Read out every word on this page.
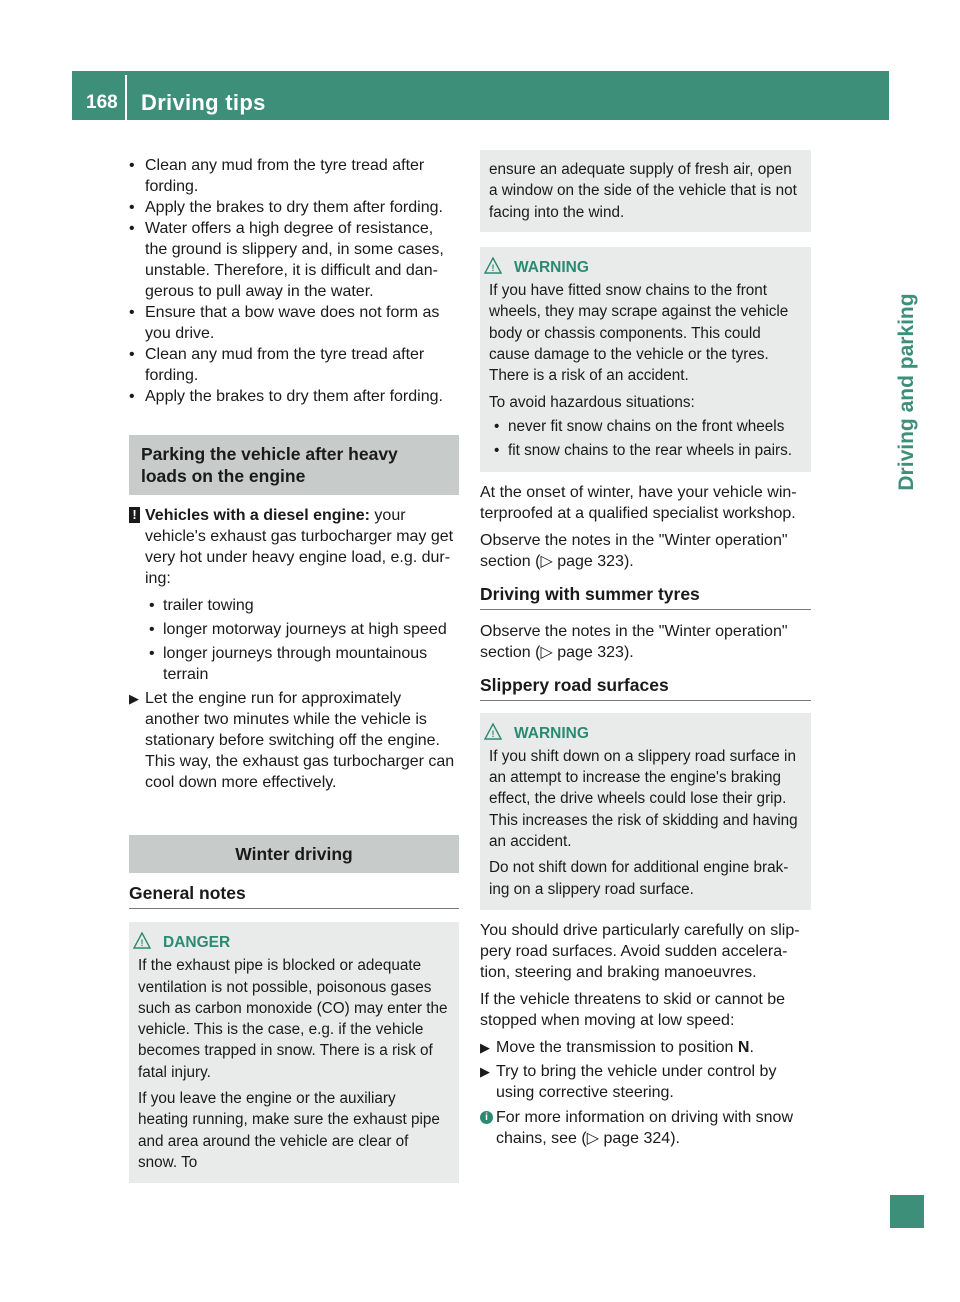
168 Driving tips
Driving and parking
• Clean any mud from the tyre tread after fording.
• Apply the brakes to dry them after fording.
• Water offers a high degree of resistance, the ground is slippery and, in some cases, unstable. Therefore, it is difficult and dan-gerous to pull away in the water.
• Ensure that a bow wave does not form as you drive.
• Clean any mud from the tyre tread after fording.
• Apply the brakes to dry them after fording.
Parking the vehicle after heavy loads on the engine
! Vehicles with a diesel engine: your vehicle's exhaust gas turbocharger may get very hot under heavy engine load, e.g. dur-ing:
• trailer towing
• longer motorway journeys at high speed
• longer journeys through mountainous terrain
▶ Let the engine run for approximately another two minutes while the vehicle is stationary before switching off the engine. This way, the exhaust gas turbocharger can cool down more effectively.
Winter driving
General notes
! DANGER
If the exhaust pipe is blocked or adequate ventilation is not possible, poisonous gases such as carbon monoxide (CO) may enter the vehicle. This is the case, e.g. if the vehicle becomes trapped in snow. There is a risk of fatal injury.
If you leave the engine or the auxiliary heating running, make sure the exhaust pipe and area around the vehicle are clear of snow. To
ensure an adequate supply of fresh air, open a window on the side of the vehicle that is not facing into the wind.
! WARNING
If you have fitted snow chains to the front wheels, they may scrape against the vehicle body or chassis components. This could cause damage to the vehicle or the tyres. There is a risk of an accident.
To avoid hazardous situations:
• never fit snow chains on the front wheels
• fit snow chains to the rear wheels in pairs.
At the onset of winter, have your vehicle win-terproofed at a qualified specialist workshop.
Observe the notes in the "Winter operation" section (▷ page 323).
Driving with summer tyres
Observe the notes in the "Winter operation" section (▷ page 323).
Slippery road surfaces
! WARNING
If you shift down on a slippery road surface in an attempt to increase the engine's braking effect, the drive wheels could lose their grip. This increases the risk of skidding and having an accident.
Do not shift down for additional engine brak-ing on a slippery road surface.
You should drive particularly carefully on slip-pery road surfaces. Avoid sudden accelera-tion, steering and braking manoeuvres.
If the vehicle threatens to skid or cannot be stopped when moving at low speed:
▶ Move the transmission to position N.
▶ Try to bring the vehicle under control by using corrective steering.
i For more information on driving with snow chains, see (▷ page 324).
